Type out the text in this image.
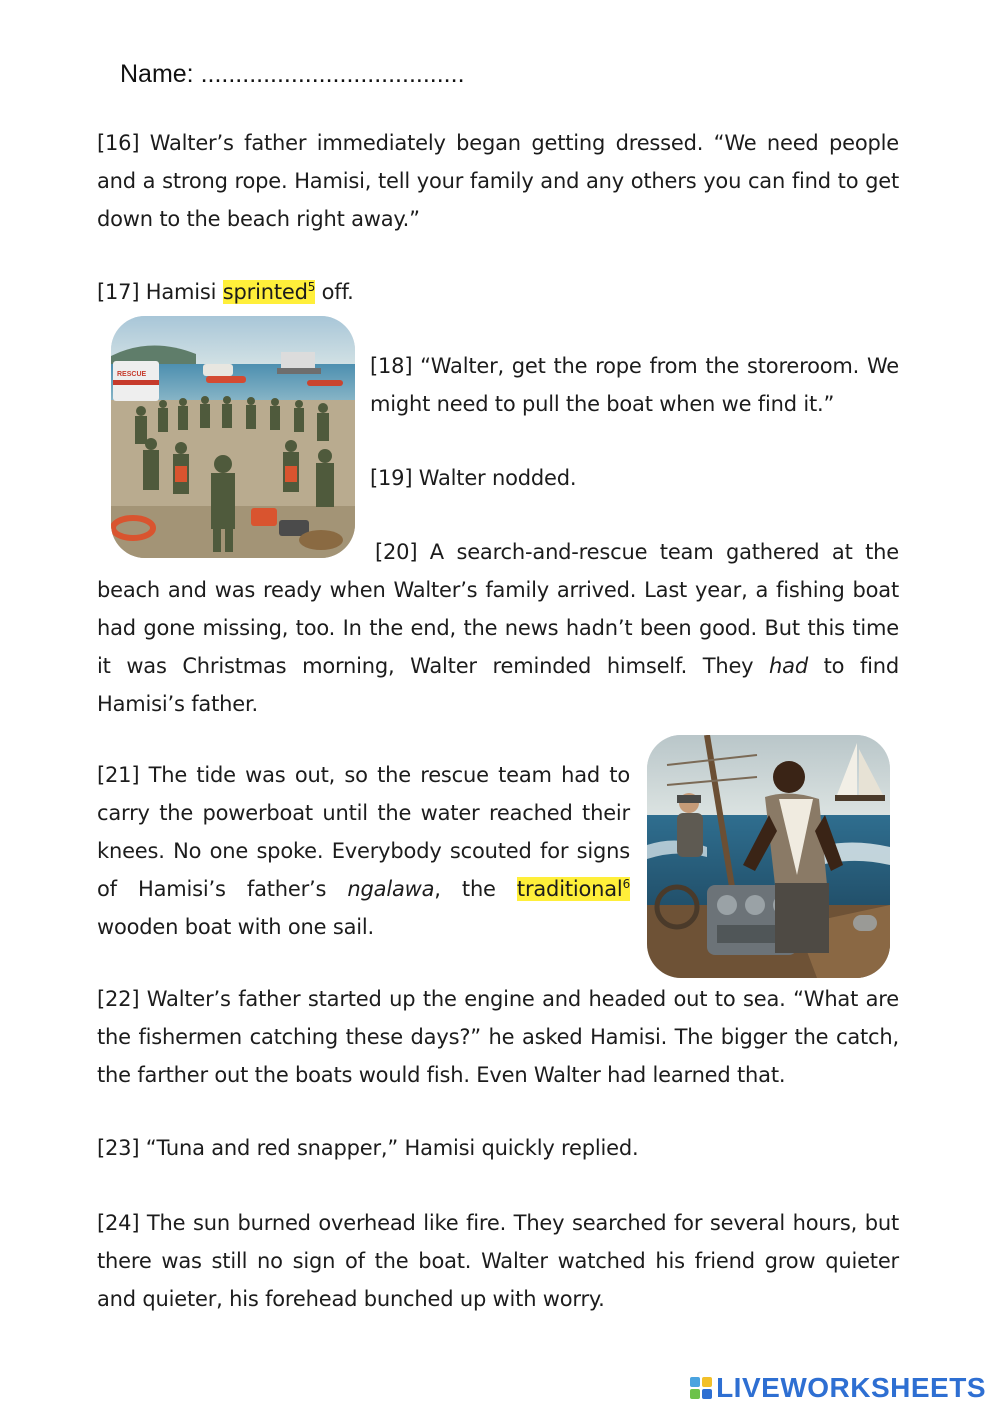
Name: ......................................

[16] Walter’s father immediately began getting dressed. “We need people and a strong rope. Hamisi, tell your family and any others you can find to get down to the beach right away.”

[17] Hamisi sprinted$^5$ off.

RESCUE	[18] “Walter, get the rope from the storeroom. We might need to pull the boat when we find it.”

[19] Walter nodded.

[20] A search-and-rescue team gathered at the beach and was ready when Walter’s family arrived. Last year, a fishing boat had gone missing, too. In the end, the news hadn’t been good. But this time it was Christmas morning, Walter reminded himself. They had to find Hamisi’s father.

[21] The tide was out, so the rescue team had to carry the powerboat until the water reached their knees. No one spoke. Everybody scouted for signs of Hamisi’s father’s ngalawa, the traditional$^6$ wooden boat with one sail.

[22] Walter’s father started up the engine and headed out to sea. “What are the fishermen catching these days?” he asked Hamisi. The bigger the catch, the farther out the boats would fish. Even Walter had learned that.

[23] “Tuna and red snapper,” Hamisi quickly replied.

[24] The sun burned overhead like fire. They searched for several hours, but there was still no sign of the boat. Walter watched his friend grow quieter and quieter, his forehead bunched up with worry.

LIVEWORKSHEETS
